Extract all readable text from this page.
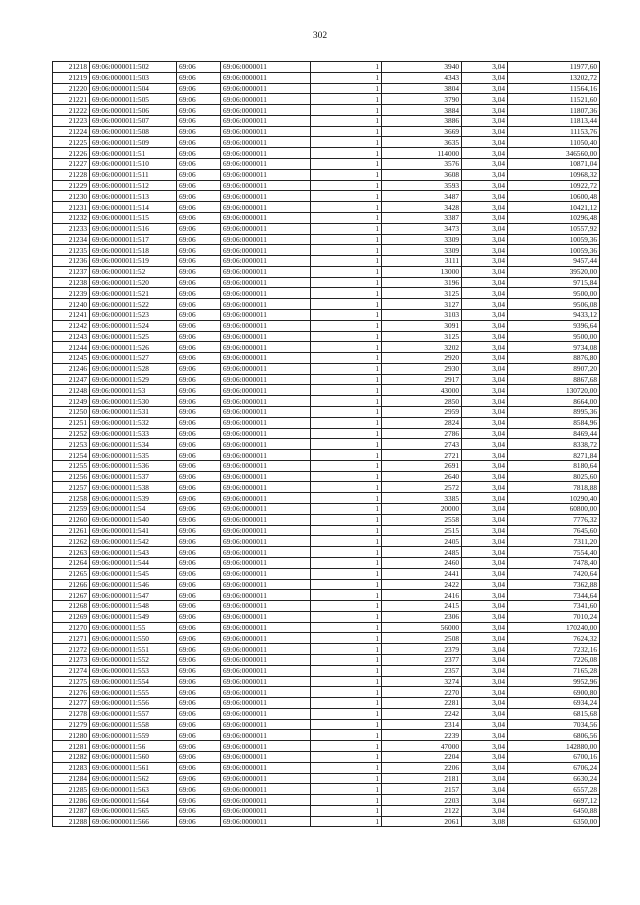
302
21218	69:06:0000011:502	69:06	69:06:0000011	1	3940	3,04	11977,60
21219	69:06:0000011:503	69:06	69:06:0000011	1	4343	3,04	13202,72
21220	69:06:0000011:504	69:06	69:06:0000011	1	3804	3,04	11564,16
21221	69:06:0000011:505	69:06	69:06:0000011	1	3790	3,04	11521,60
21222	69:06:0000011:506	69:06	69:06:0000011	1	3884	3,04	11807,36
21223	69:06:0000011:507	69:06	69:06:0000011	1	3886	3,04	11813,44
21224	69:06:0000011:508	69:06	69:06:0000011	1	3669	3,04	11153,76
21225	69:06:0000011:509	69:06	69:06:0000011	1	3635	3,04	11050,40
21226	69:06:0000011:51	69:06	69:06:0000011	1	114000	3,04	346560,00
21227	69:06:0000011:510	69:06	69:06:0000011	1	3576	3,04	10871,04
21228	69:06:0000011:511	69:06	69:06:0000011	1	3608	3,04	10968,32
21229	69:06:0000011:512	69:06	69:06:0000011	1	3593	3,04	10922,72
21230	69:06:0000011:513	69:06	69:06:0000011	1	3487	3,04	10600,48
21231	69:06:0000011:514	69:06	69:06:0000011	1	3428	3,04	10421,12
21232	69:06:0000011:515	69:06	69:06:0000011	1	3387	3,04	10296,48
21233	69:06:0000011:516	69:06	69:06:0000011	1	3473	3,04	10557,92
21234	69:06:0000011:517	69:06	69:06:0000011	1	3309	3,04	10059,36
21235	69:06:0000011:518	69:06	69:06:0000011	1	3309	3,04	10059,36
21236	69:06:0000011:519	69:06	69:06:0000011	1	3111	3,04	9457,44
21237	69:06:0000011:52	69:06	69:06:0000011	1	13000	3,04	39520,00
21238	69:06:0000011:520	69:06	69:06:0000011	1	3196	3,04	9715,84
21239	69:06:0000011:521	69:06	69:06:0000011	1	3125	3,04	9500,00
21240	69:06:0000011:522	69:06	69:06:0000011	1	3127	3,04	9506,08
21241	69:06:0000011:523	69:06	69:06:0000011	1	3103	3,04	9433,12
21242	69:06:0000011:524	69:06	69:06:0000011	1	3091	3,04	9396,64
21243	69:06:0000011:525	69:06	69:06:0000011	1	3125	3,04	9500,00
21244	69:06:0000011:526	69:06	69:06:0000011	1	3202	3,04	9734,08
21245	69:06:0000011:527	69:06	69:06:0000011	1	2920	3,04	8876,80
21246	69:06:0000011:528	69:06	69:06:0000011	1	2930	3,04	8907,20
21247	69:06:0000011:529	69:06	69:06:0000011	1	2917	3,04	8867,68
21248	69:06:0000011:53	69:06	69:06:0000011	1	43000	3,04	130720,00
21249	69:06:0000011:530	69:06	69:06:0000011	1	2850	3,04	8664,00
21250	69:06:0000011:531	69:06	69:06:0000011	1	2959	3,04	8995,36
21251	69:06:0000011:532	69:06	69:06:0000011	1	2824	3,04	8584,96
21252	69:06:0000011:533	69:06	69:06:0000011	1	2786	3,04	8469,44
21253	69:06:0000011:534	69:06	69:06:0000011	1	2743	3,04	8338,72
21254	69:06:0000011:535	69:06	69:06:0000011	1	2721	3,04	8271,84
21255	69:06:0000011:536	69:06	69:06:0000011	1	2691	3,04	8180,64
21256	69:06:0000011:537	69:06	69:06:0000011	1	2640	3,04	8025,60
21257	69:06:0000011:538	69:06	69:06:0000011	1	2572	3,04	7818,88
21258	69:06:0000011:539	69:06	69:06:0000011	1	3385	3,04	10290,40
21259	69:06:0000011:54	69:06	69:06:0000011	1	20000	3,04	60800,00
21260	69:06:0000011:540	69:06	69:06:0000011	1	2558	3,04	7776,32
21261	69:06:0000011:541	69:06	69:06:0000011	1	2515	3,04	7645,60
21262	69:06:0000011:542	69:06	69:06:0000011	1	2405	3,04	7311,20
21263	69:06:0000011:543	69:06	69:06:0000011	1	2485	3,04	7554,40
21264	69:06:0000011:544	69:06	69:06:0000011	1	2460	3,04	7478,40
21265	69:06:0000011:545	69:06	69:06:0000011	1	2441	3,04	7420,64
21266	69:06:0000011:546	69:06	69:06:0000011	1	2422	3,04	7362,88
21267	69:06:0000011:547	69:06	69:06:0000011	1	2416	3,04	7344,64
21268	69:06:0000011:548	69:06	69:06:0000011	1	2415	3,04	7341,60
21269	69:06:0000011:549	69:06	69:06:0000011	1	2306	3,04	7010,24
21270	69:06:0000011:55	69:06	69:06:0000011	1	56000	3,04	170240,00
21271	69:06:0000011:550	69:06	69:06:0000011	1	2508	3,04	7624,32
21272	69:06:0000011:551	69:06	69:06:0000011	1	2379	3,04	7232,16
21273	69:06:0000011:552	69:06	69:06:0000011	1	2377	3,04	7226,08
21274	69:06:0000011:553	69:06	69:06:0000011	1	2357	3,04	7165,28
21275	69:06:0000011:554	69:06	69:06:0000011	1	3274	3,04	9952,96
21276	69:06:0000011:555	69:06	69:06:0000011	1	2270	3,04	6900,80
21277	69:06:0000011:556	69:06	69:06:0000011	1	2281	3,04	6934,24
21278	69:06:0000011:557	69:06	69:06:0000011	1	2242	3,04	6815,68
21279	69:06:0000011:558	69:06	69:06:0000011	1	2314	3,04	7034,56
21280	69:06:0000011:559	69:06	69:06:0000011	1	2239	3,04	6806,56
21281	69:06:0000011:56	69:06	69:06:0000011	1	47000	3,04	142880,00
21282	69:06:0000011:560	69:06	69:06:0000011	1	2204	3,04	6700,16
21283	69:06:0000011:561	69:06	69:06:0000011	1	2206	3,04	6706,24
21284	69:06:0000011:562	69:06	69:06:0000011	1	2181	3,04	6630,24
21285	69:06:0000011:563	69:06	69:06:0000011	1	2157	3,04	6557,28
21286	69:06:0000011:564	69:06	69:06:0000011	1	2203	3,04	6697,12
21287	69:06:0000011:565	69:06	69:06:0000011	1	2122	3,04	6450,88
21288	69:06:0000011:566	69:06	69:06:0000011	1	2061	3,08	6350,00
